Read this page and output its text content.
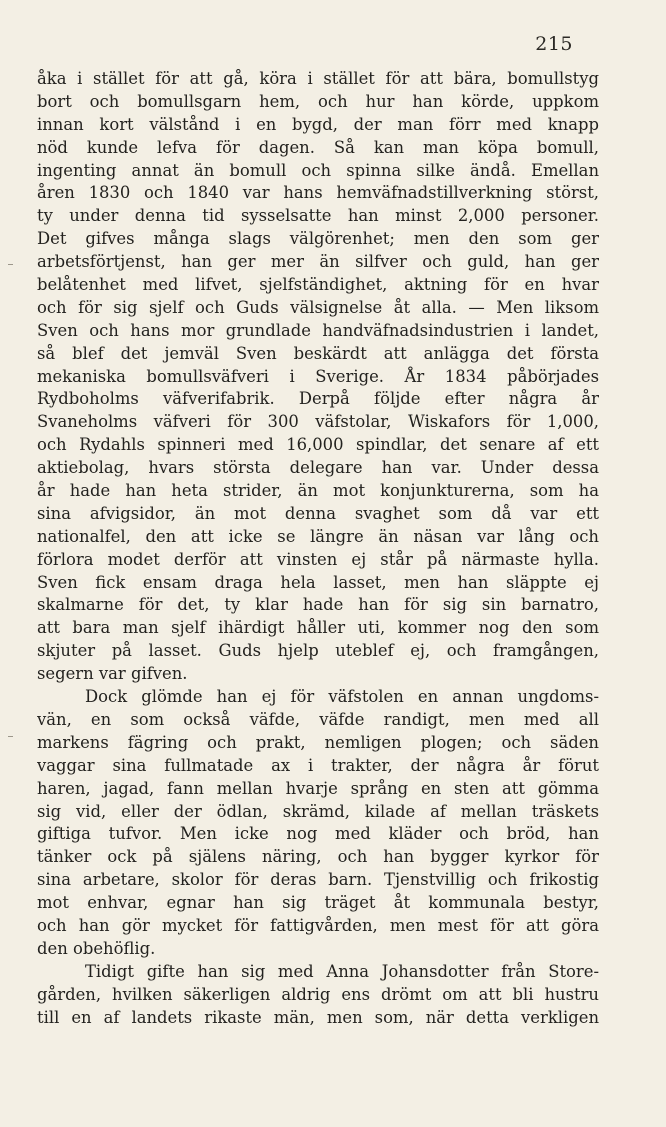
215
åka i stället för att gå, köra i stället för att bära, bomullstyg
bort och bomullsgarn hem, och hur han körde, uppkom
innan kort välstånd i en bygd, der man förr med knapp
nöd kunde lefva för dagen. Så kan man köpa bomull,
ingenting annat än bomull och spinna silke ändå. Emellan
åren 1830 och 1840 var hans hemväfnadstillverkning störst,
ty under denna tid sysselsatte han minst 2,000 personer.
Det gifves många slags välgörenhet; men den som ger
arbetsförtjenst, han ger mer än silfver och guld, han ger
belåtenhet med lifvet, sjelfständighet, aktning för en hvar
och för sig sjelf och Guds välsignelse åt alla. — Men liksom
Sven och hans mor grundlade handväfnadsindustrien i landet,
så blef det jemväl Sven beskärdt att anlägga det första
mekaniska bomullsväfveri i Sverige. År 1834 påbörjades
Rydboholms väfverifabrik. Derpå följde efter några år
Svaneholms väfveri för 300 väfstolar, Wiskafors för 1,000,
och Rydahls spinneri med 16,000 spindlar, det senare af ett
aktiebolag, hvars största delegare han var. Under dessa
år hade han heta strider, än mot konjunkturerna, som ha
sina afvigsidor, än mot denna svaghet som då var ett
nationalfel, den att icke se längre än näsan var lång och
förlora modet derför att vinsten ej står på närmaste hylla.
Sven fick ensam draga hela lasset, men han släppte ej
skalmarne för det, ty klar hade han för sig sin barnatro,
att bara man sjelf ihärdigt håller uti, kommer nog den som
skjuter på lasset. Guds hjelp uteblef ej, och framgången,
segern var gifven.
Dock glömde han ej för väfstolen en annan ungdoms-
vän, en som också väfde, väfde randigt, men med all
markens fägring och prakt, nemligen plogen; och säden
vaggar sina fullmatade ax i trakter, der några år förut
haren, jagad, fann mellan hvarje språng en sten att gömma
sig vid, eller der ödlan, skrämd, kilade af mellan träskets
giftiga tufvor. Men icke nog med kläder och bröd, han
tänker ock på själens näring, och han bygger kyrkor för
sina arbetare, skolor för deras barn. Tjenstvillig och frikostig
mot enhvar, egnar han sig träget åt kommunala bestyr,
och han gör mycket för fattigvården, men mest för att göra
den obehöflig.
Tidigt gifte han sig med Anna Johansdotter från Store-
gården, hvilken säkerligen aldrig ens drömt om att bli hustru
till en af landets rikaste män, men som, när detta verkligen
